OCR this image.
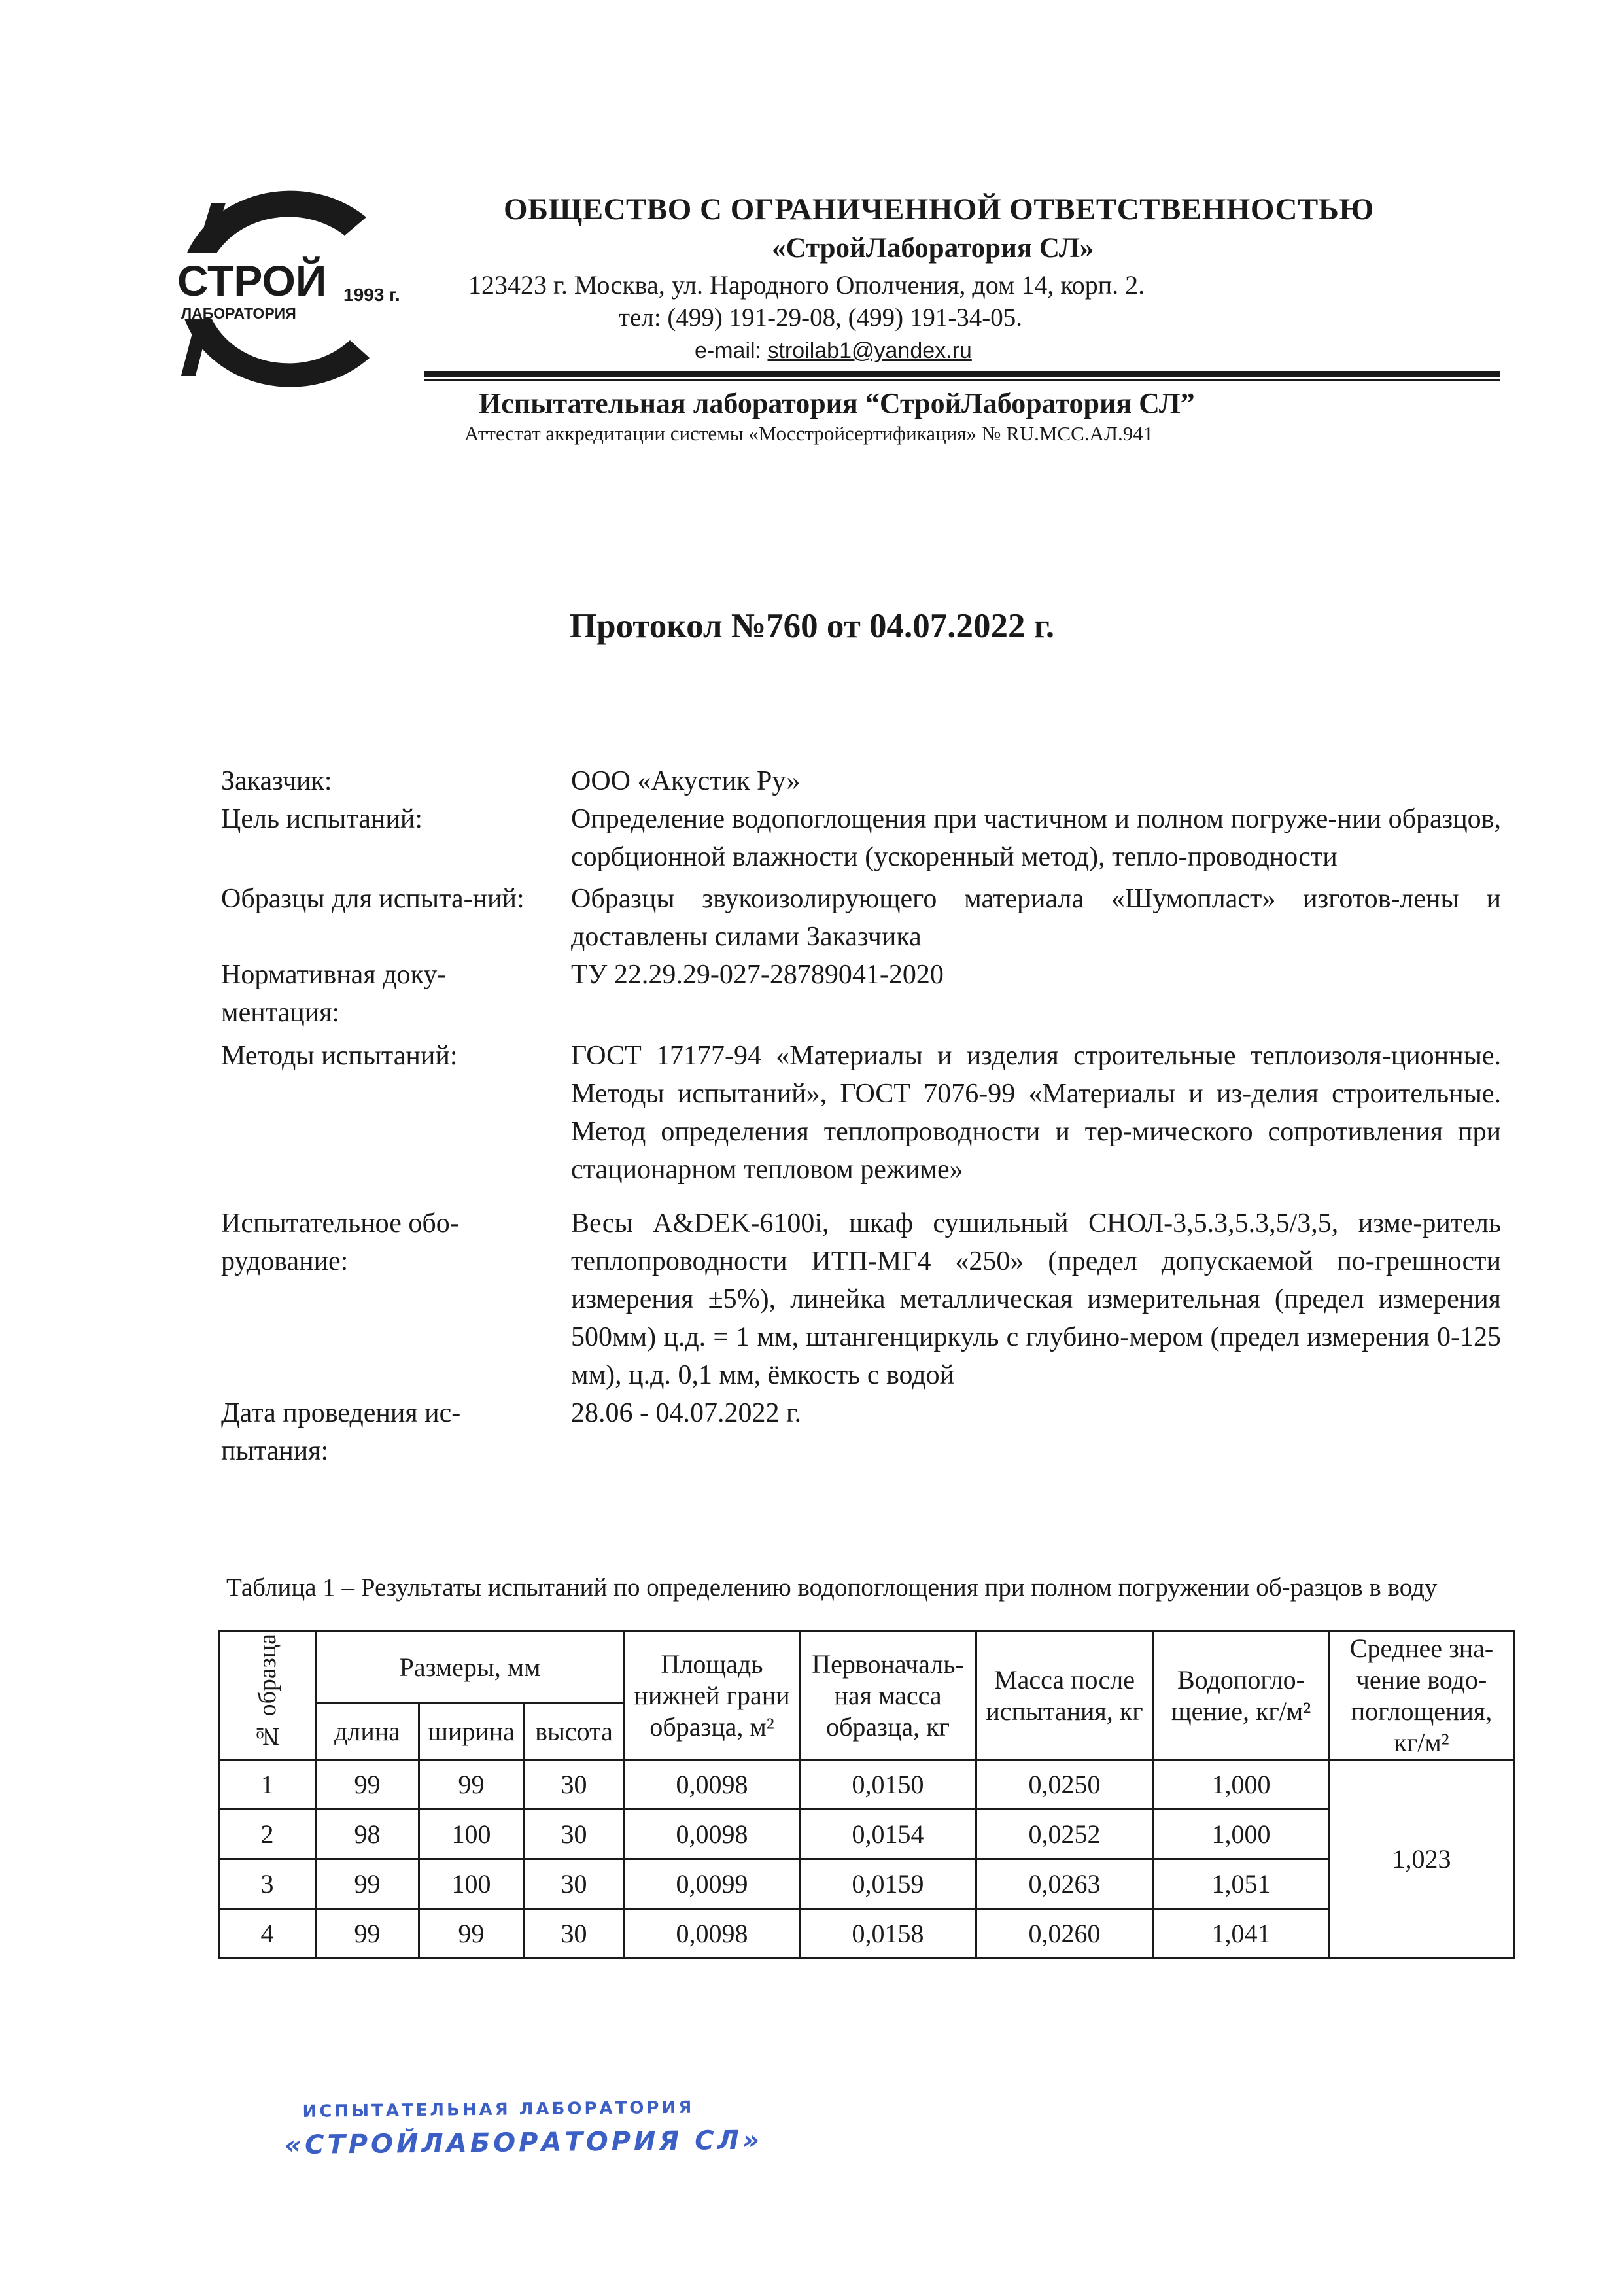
СТРОЙ
ЛАБОРАТОРИЯ
1993 г.
ОБЩЕСТВО С ОГРАНИЧЕННОЙ ОТВЕТСТВЕННОСТЬЮ
«СтройЛаборатория СЛ»
123423 г. Москва, ул. Народного Ополчения, дом 14, корп. 2.
тел: (499) 191-29-08, (499) 191-34-05.
e-mail: stroilab1@yandex.ru
Испытательная лаборатория “СтройЛаборатория СЛ”
Аттестат аккредитации системы «Мосстройсертификация» № RU.MCC.АЛ.941
Протокол №760 от 04.07.2022 г.
Заказчик:	ООО «Акустик Ру»
Цель испытаний:	Определение водопоглощения при частичном и полном погруже-нии образцов, сорбционной влажности (ускоренный метод), тепло-проводности
Образцы для испыта-ний:	Образцы звукоизолирующего материала «Шумопласт» изготов-лены и доставлены силами Заказчика
Нормативная доку-ментация:
ТУ 22.29.29-027-28789041-2020
Методы испытаний:	ГОСТ 17177-94 «Материалы и изделия строительные теплоизоля-ционные. Методы испытаний», ГОСТ 7076-99 «Материалы и из-делия строительные. Метод определения теплопроводности и тер-мического сопротивления при стационарном тепловом режиме»
Испытательное обо-рудование:
Весы A&DEK-6100i, шкаф сушильный СНОЛ-3,5.3,5.3,5/3,5, изме-ритель теплопроводности ИТП-МГ4 «250» (предел допускаемой по-грешности измерения ±5%), линейка металлическая измерительная (предел измерения 500мм) ц.д. = 1 мм, штангенциркуль с глубино-мером (предел измерения 0-125 мм), ц.д. 0,1 мм, ёмкость с водой
Дата проведения ис-пытания:
28.06 - 04.07.2022 г.
Таблица 1 – Результаты испытаний по определению водопоглощения при полном погружении об-разцов в воду
№ образца	Размеры, мм			Площадь нижней грани образца, м²	Первоначаль-ная масса образца, кг	Масса после испытания, кг	Водопогло-щение, кг/м²	Среднее зна-чение водо-поглощения, кг/м²
	длина	ширина	высота					
1	99	99	30	0,0098	0,0150	0,0250	1,000	1,023
2	98	100	30	0,0098	0,0154	0,0252	1,000	
3	99	100	30	0,0099	0,0159	0,0263	1,051	
4	99	99	30	0,0098	0,0158	0,0260	1,041	
ИСПЫТАТЕЛЬНАЯ ЛАБОРАТОРИЯ
«СТРОЙЛАБОРАТОРИЯ СЛ»
